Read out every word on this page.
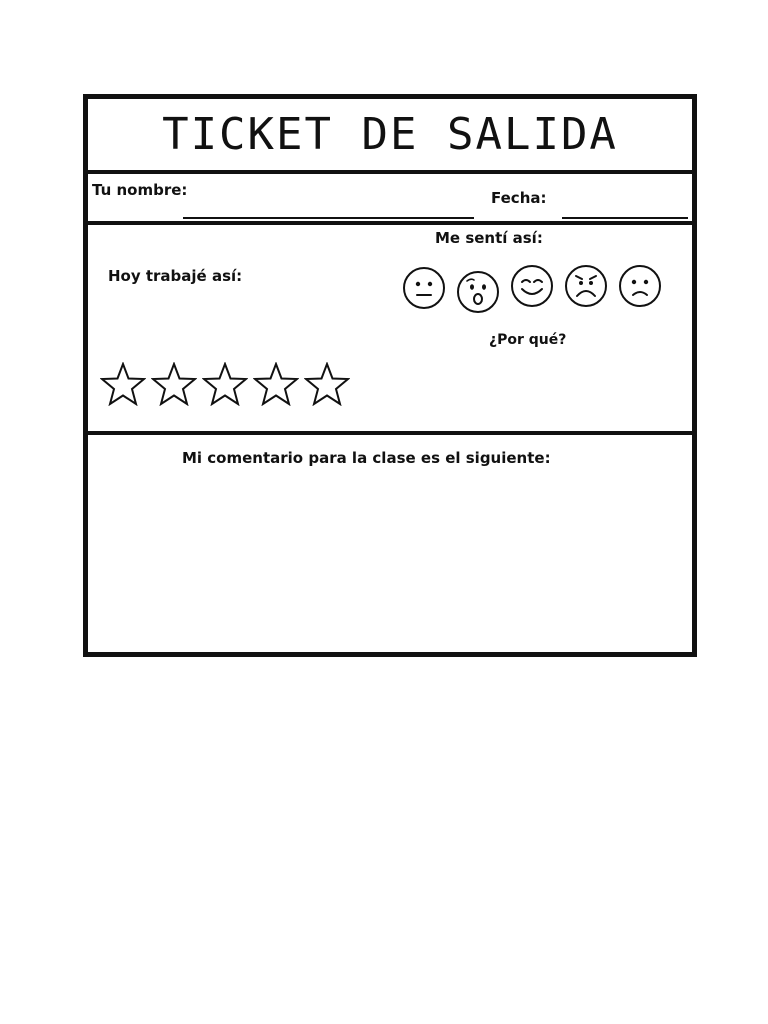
TICKET DE SALIDA
Tu nombre:	Fecha:
Me sentí así:
Hoy trabajé así:
¿Por qué?
Mi comentario para la clase es el siguiente:
